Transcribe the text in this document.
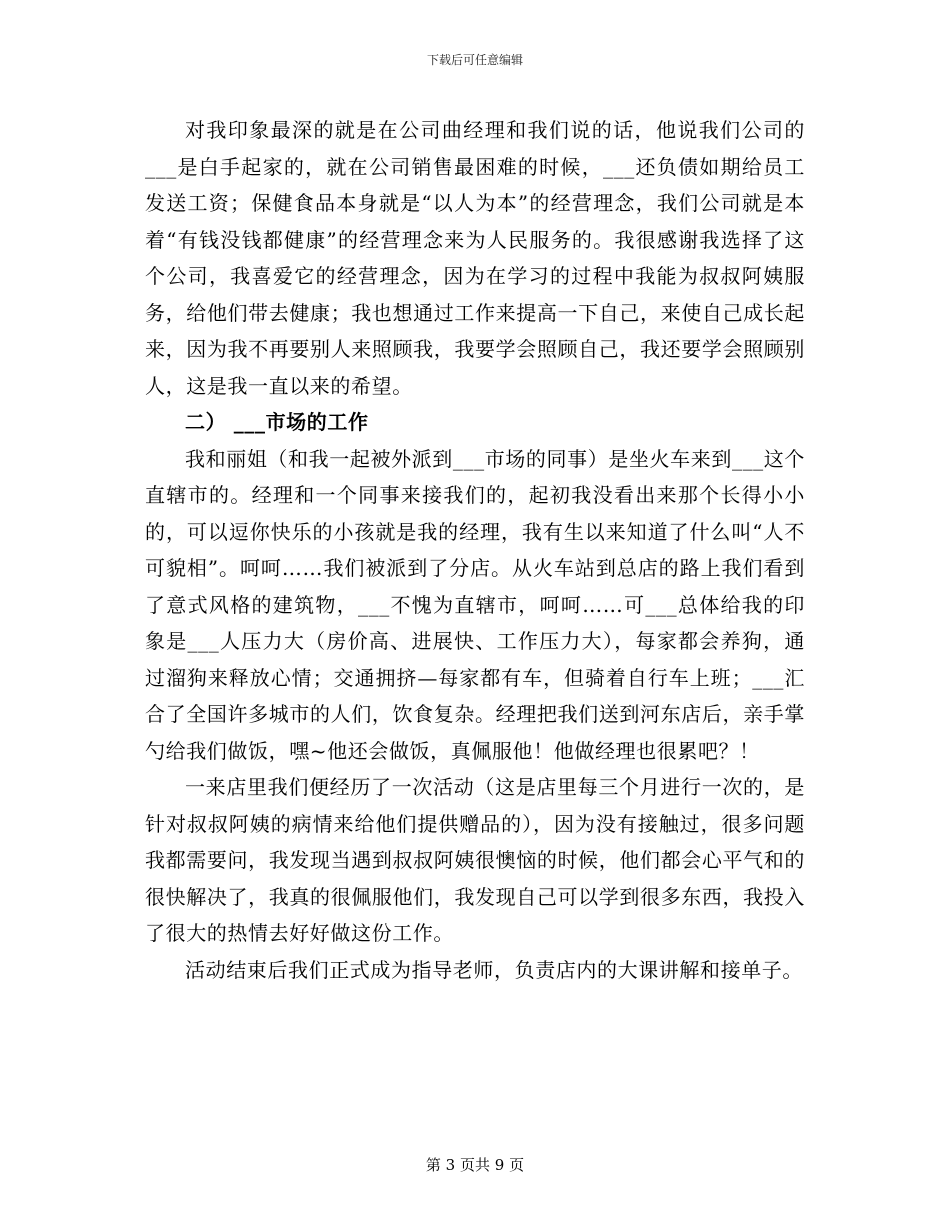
下载后可任意编辑

对我印象最深的就是在公司曲经理和我们说的话，他说我们公司的___是白手起家的，就在公司销售最困难的时候，___还负债如期给员工发送工资；保健食品本身就是“以人为本”的经营理念，我们公司就是本着“有钱没钱都健康”的经营理念来为人民服务的。我很感谢我选择了这个公司，我喜爱它的经营理念，因为在学习的过程中我能为叔叔阿姨服务，给他们带去健康；我也想通过工作来提高一下自己，来使自己成长起来，因为我不再要别人来照顾我，我要学会照顾自己，我还要学会照顾别人，这是我一直以来的希望。

二） ___市场的工作

我和丽姐（和我一起被外派到___市场的同事）是坐火车来到___这个直辖市的。经理和一个同事来接我们的，起初我没看出来那个长得小小的，可以逗你快乐的小孩就是我的经理，我有生以来知道了什么叫“人不可貌相”。呵呵……我们被派到了分店。从火车站到总店的路上我们看到了意式风格的建筑物，___不愧为直辖市，呵呵……可___总体给我的印象是___人压力大（房价高、进展快、工作压力大），每家都会养狗，通过溜狗来释放心情；交通拥挤—每家都有车，但骑着自行车上班；___汇合了全国许多城市的人们，饮食复杂。经理把我们送到河东店后，亲手掌勺给我们做饭，嘿~他还会做饭，真佩服他！他做经理也很累吧？！

一来店里我们便经历了一次活动（这是店里每三个月进行一次的，是针对叔叔阿姨的病情来给他们提供赠品的），因为没有接触过，很多问题我都需要问，我发现当遇到叔叔阿姨很懊恼的时候，他们都会心平气和的很快解决了，我真的很佩服他们，我发现自己可以学到很多东西，我投入了很大的热情去好好做这份工作。

活动结束后我们正式成为指导老师，负责店内的大课讲解和接单子。

第 3 页共 9 页
